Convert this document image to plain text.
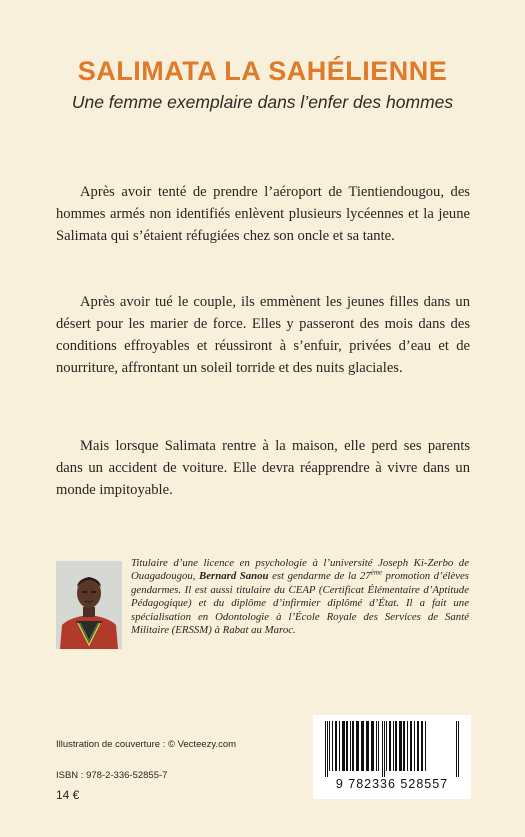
SALIMATA LA SAHÉLIENNE
Une femme exemplaire dans l’enfer des hommes
Après avoir tenté de prendre l’aéroport de Tientiendougou, des hommes armés non identifiés enlèvent plusieurs lycéennes et la jeune Salimata qui s’étaient réfugiées chez son oncle et sa tante.
Après avoir tué le couple, ils emmènent les jeunes filles dans un désert pour les marier de force. Elles y passeront des mois dans des conditions effroyables et réussiront à s’enfuir, privées d’eau et de nourriture, affrontant un soleil torride et des nuits glaciales.
Mais lorsque Salimata rentre à la maison, elle perd ses parents dans un accident de voiture. Elle devra réapprendre à vivre dans un monde impitoyable.
Titulaire d’une licence en psychologie à l’université Joseph Ki-Zerbo de Ouagadougou, Bernard Sanou est gendarme de la 27ème promotion d’élèves gendarmes. Il est aussi titulaire du CEAP (Certificat Élémentaire d’Aptitude Pédagogique) et du diplôme d’infirmier diplômé d’État. Il a fait une spécialisation en Odontologie à l’École Royale des Services de Santé Militaire (ERSSM) à Rabat au Maroc.
Illustration de couverture : © Vecteezy.com
ISBN : 978-2-336-52855-7
14 €
9 782336 528557
